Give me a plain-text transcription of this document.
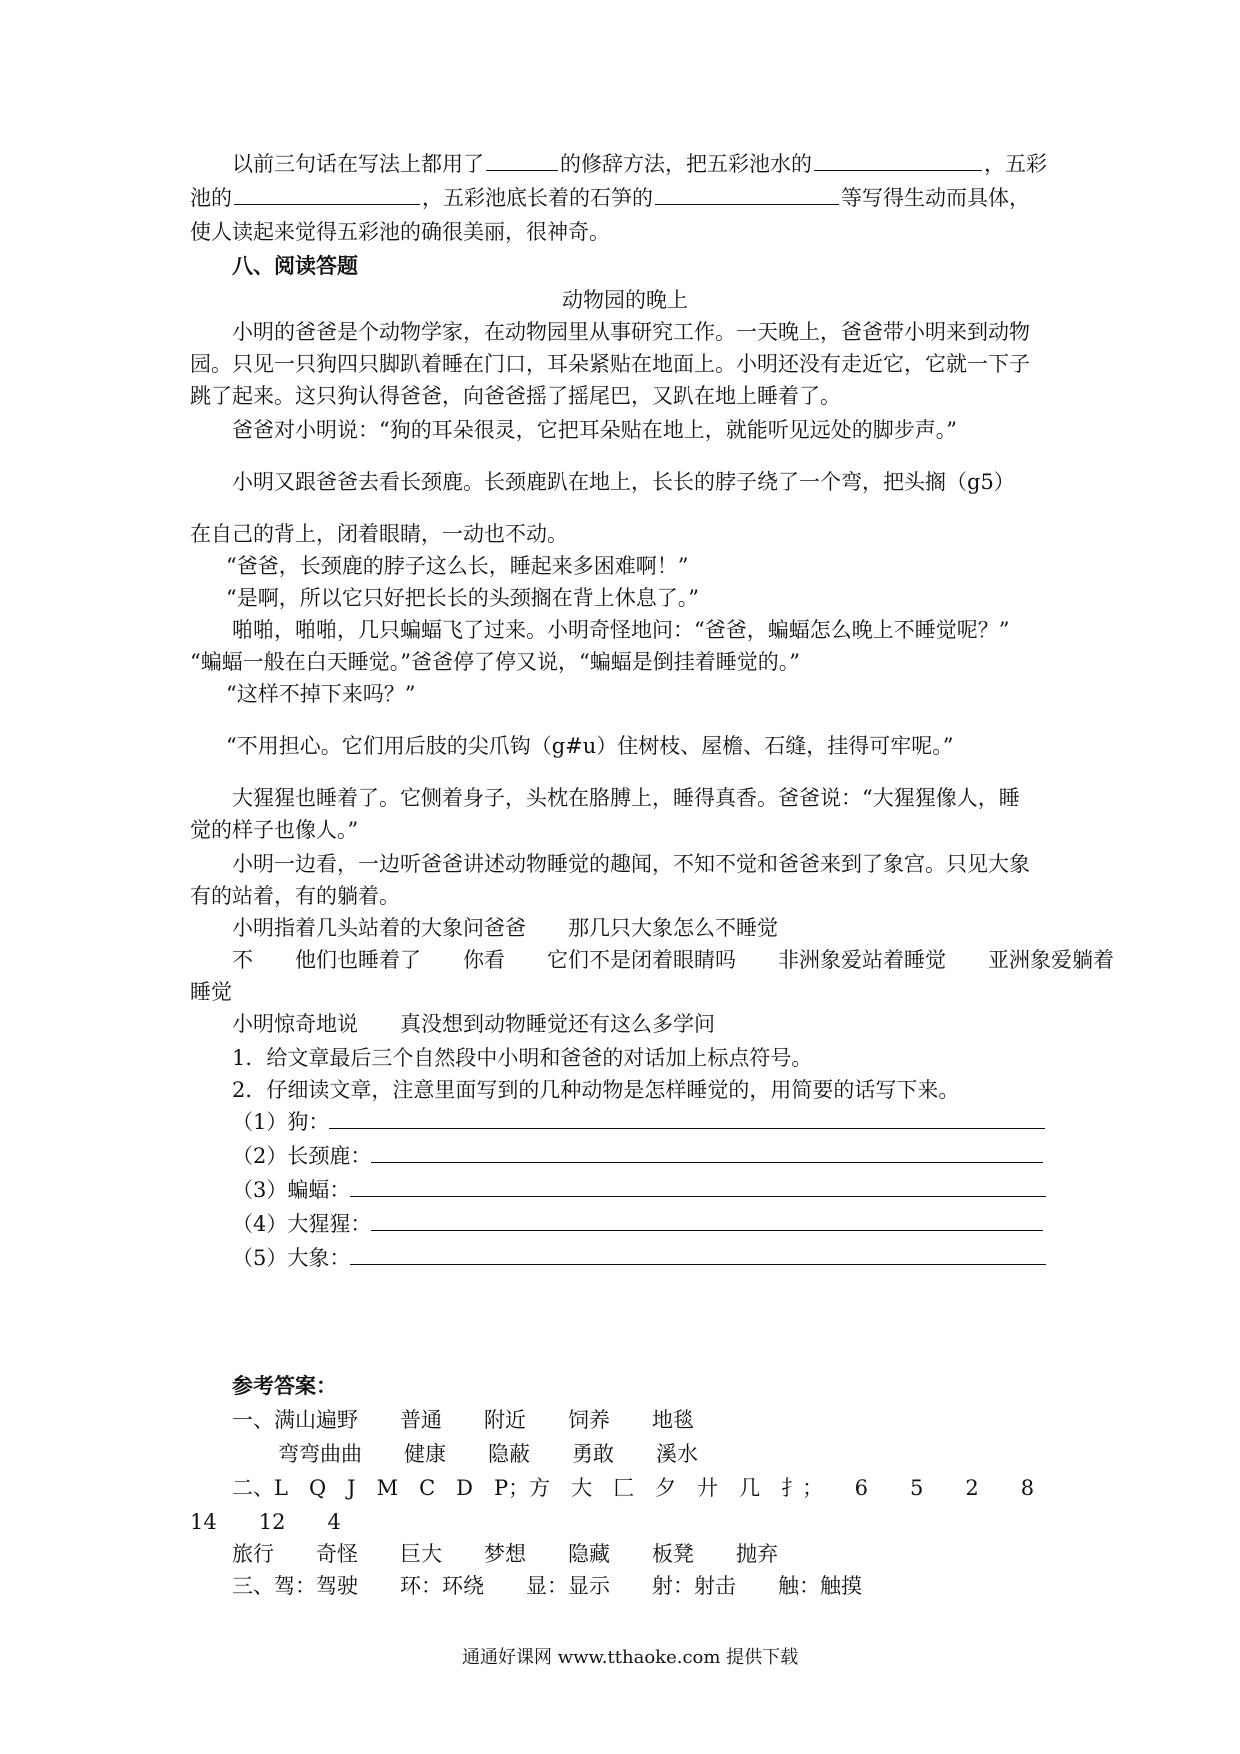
以前三句话在写法上都用了	的修辞方法，把五彩池水的	，五彩
池的	，五彩池底长着的石笋的	等写得生动而具体，
使人读起来觉得五彩池的确很美丽，很神奇。
八、阅读答题
动物园的晚上
小明的爸爸是个动物学家，在动物园里从事研究工作。一天晚上，爸爸带小明来到动物
园。只见一只狗四只脚趴着睡在门口，耳朵紧贴在地面上。小明还没有走近它，它就一下子
跳了起来。这只狗认得爸爸，向爸爸摇了摇尾巴，又趴在地上睡着了。
爸爸对小明说：“狗的耳朵很灵，它把耳朵贴在地上，就能听见远处的脚步声。”
小明又跟爸爸去看长颈鹿。长颈鹿趴在地上，长长的脖子绕了一个弯，把头搁（g5）
在自己的背上，闭着眼睛，一动也不动。
“爸爸，长颈鹿的脖子这么长，睡起来多困难啊！”
“是啊，所以它只好把长长的头颈搁在背上休息了。”
啪啪，啪啪，几只蝙蝠飞了过来。小明奇怪地问：“爸爸，蝙蝠怎么晚上不睡觉呢？”
“蝙蝠一般在白天睡觉。”爸爸停了停又说，“蝙蝠是倒挂着睡觉的。”
“这样不掉下来吗？”
“不用担心。它们用后肢的尖爪钩（g#u）住树枝、屋檐、石缝，挂得可牢呢。”
大猩猩也睡着了。它侧着身子，头枕在胳膊上，睡得真香。爸爸说：“大猩猩像人，睡
觉的样子也像人。”
小明一边看，一边听爸爸讲述动物睡觉的趣闻，不知不觉和爸爸来到了象宫。只见大象
有的站着，有的躺着。
小明指着几头站着的大象问爸爸　　那几只大象怎么不睡觉
不　　他们也睡着了　　你看　　它们不是闭着眼睛吗　　非洲象爱站着睡觉　　亚洲象爱躺着
睡觉
小明惊奇地说　　真没想到动物睡觉还有这么多学问
1．给文章最后三个自然段中小明和爸爸的对话加上标点符号。
2．仔细读文章，注意里面写到的几种动物是怎样睡觉的，用简要的话写下来。
（1）狗：
（2）长颈鹿：
（3）蝙蝠：
（4）大猩猩：
（5）大象：
参考答案：
一、满山遍野　　普通　　附近　　饲养　　地毯
弯弯曲曲　　健康　　隐蔽　　勇敢　　溪水
二、L　Q　J　M　C　D　P；方　大　匚　夕　廾　几　扌；　　6　　5　　2　　8
14　　12　　4
旅行　　奇怪　　巨大　　梦想　　隐藏　　板凳　　抛弃
三、驾：驾驶　　环：环绕　　显：显示　　射：射击　　触：触摸
通通好课网 www.tthaoke.com 提供下载
